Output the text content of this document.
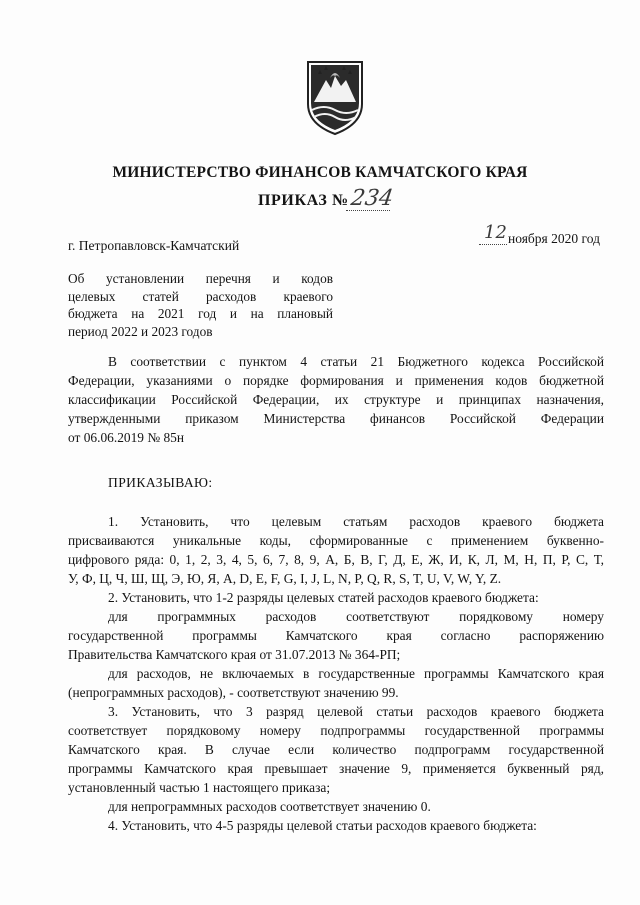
МИНИСТЕРСТВО ФИНАНСОВ КАМЧАТСКОГО КРАЯ
ПРИКАЗ № 234
г. Петропавловск-Камчатский
12 ноября 2020 год
Об установлении перечня и кодов
целевых статей расходов краевого
бюджета на 2021 год и на плановый
период 2022 и 2023 годов
В соответствии с пунктом 4 статьи 21 Бюджетного кодекса Российской
Федерации, указаниями о порядке формирования и применения кодов бюджетной
классификации Российской Федерации, их структуре и принципах назначения,
утвержденными приказом Министерства финансов Российской Федерации
от 06.06.2019 № 85н
ПРИКАЗЫВАЮ:
1. Установить, что целевым статьям расходов краевого бюджета
присваиваются уникальные коды, сформированные с применением буквенно-
цифрового ряда: 0, 1, 2, 3, 4, 5, 6, 7, 8, 9, А, Б, В, Г, Д, Е, Ж, И, К, Л, М, Н, П, Р, С, Т,
У, Ф, Ц, Ч, Ш, Щ, Э, Ю, Я, A, D, E, F, G, I, J, L, N, P, Q, R, S, T, U, V, W, Y, Z.
2. Установить, что 1-2 разряды целевых статей расходов краевого бюджета:
для программных расходов соответствуют порядковому номеру
государственной программы Камчатского края согласно распоряжению
Правительства Камчатского края от 31.07.2013 № 364-РП;
для расходов, не включаемых в государственные программы Камчатского края
(непрограммных расходов), - соответствуют значению 99.
3. Установить, что 3 разряд целевой статьи расходов краевого бюджета
соответствует порядковому номеру подпрограммы государственной программы
Камчатского края. В случае если количество подпрограмм государственной
программы Камчатского края превышает значение 9, применяется буквенный ряд,
установленный частью 1 настоящего приказа;
для непрограммных расходов соответствует значению 0.
4. Установить, что 4-5 разряды целевой статьи расходов краевого бюджета:
